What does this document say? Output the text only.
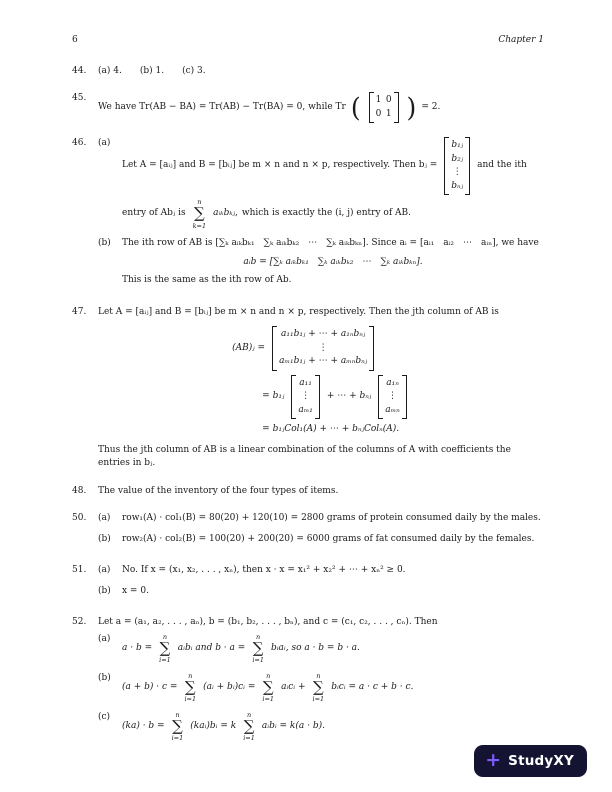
6	Chapter 1
44.	(a) 4. (b) 1. (c) 3.
45.
We have Tr(AB − BA) = Tr(AB) − Tr(BA) = 0, while Tr ( 1 0
0 1 ) = 2.
46.	(a)
Let A = [aᵢⱼ] and B = [bᵢⱼ] be m × n and n × p, respectively. Then bⱼ =
b₁ⱼ
b₂ⱼ
⋮
bₙⱼ
and the ith
entry of Abⱼ is
n
∑
k=1
aᵢₖbₖⱼ, which is exactly the (i, j) entry of AB.
(b)	The ith row of AB is [∑ₖ aᵢₖbₖ₁  ∑ₖ aᵢₖbₖ₂  ⋯  ∑ₖ aᵢₖbₖₙ]. Since aᵢ = [aᵢ₁  aᵢ₂  ⋯  aᵢₙ], we have

aᵢb = [∑ₖ aᵢₖbₖ₁  ∑ₖ aᵢₖbₖ₂  ⋯  ∑ₖ aᵢₖbₖₙ].

This is the same as the ith row of Ab.

47.	Let A = [aᵢⱼ] and B = [bᵢⱼ] be m × n and n × p, respectively. Then the jth column of AB is

(AB)ⱼ =
a₁₁b₁ⱼ + ⋯ + a₁ₙbₙⱼ
⋮
aₘ₁b₁ⱼ + ⋯ + aₘₙbₙⱼ
= b₁ⱼ
a₁₁
⋮
aₘ₁
+ ⋯ + bₙⱼ
a₁ₙ
⋮
aₘₙ
= b₁ⱼCol₁(A) + ⋯ + bₙⱼColₙ(A).

Thus the jth column of AB is a linear combination of the columns of A with coefficients the entries in bⱼ.

48.	The value of the inventory of the four types of items.

50.	(a)	row₁(A) · col₁(B) = 80(20) + 120(10) = 2800 grams of protein consumed daily by the males.

(b)	row₂(A) · col₂(B) = 100(20) + 200(20) = 6000 grams of fat consumed daily by the females.

51.	(a)	No. If x = (x₁, x₂, . . . , xₙ), then x · x = x₁² + x₂² + ⋯ + xₙ² ≥ 0.

(b)	x = 0.

52.	Let a = (a₁, a₂, . . . , aₙ), b = (b₁, b₂, . . . , bₙ), and c = (c₁, c₂, . . . , cₙ). Then

(a)
a · b =
n
∑
i=1
aᵢbᵢ and b · a =
n
∑
i=1
bᵢaᵢ, so a · b = b · a.
(b)
(a + b) · c =
n
∑
i=1
(aᵢ + bᵢ)cᵢ =
n
∑
i=1
aᵢcᵢ +
n
∑
i=1
bᵢcᵢ = a · c + b · c.
(c)
(ka) · b =
n
∑
i=1
(kaᵢ)bᵢ = k
n
∑
i=1
aᵢbᵢ = k(a · b).
+ StudyXY
